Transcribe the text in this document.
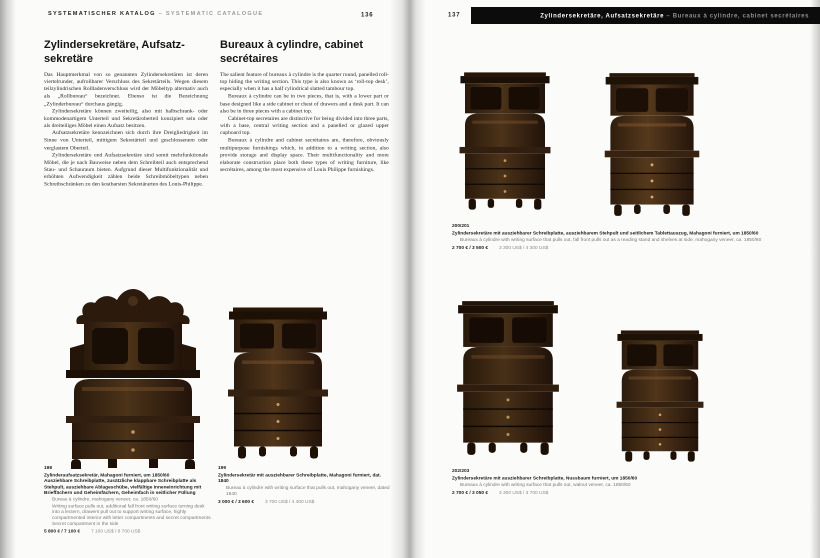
SYSTEMATISCHER KATALOG – SYSTEMATIC CATALOGUE	136
Zylindersekretäre, Aufsatz-sekretäre

Das Hauptmerkmal von so genannten Zylindersekretären ist deren viertelrunder, aufrollbarer Verschluss des Sekretärteils. Wegen diesem teilzylindrischen Rollladenverschluss wird der Möbeltyp alternativ auch als „Rollbureau“ bezeichnet. Ebenso ist die Bezeichnung „Zylinderbureau“ durchaus gängig.

Zylindersekretäre können zweiteilig, also mit halbschrank- oder kommodenartigem Unterteil und Sekretäroberteil konzipiert sein oder als dreiteiliges Möbel einen Aufsatz besitzen.

Aufsatzsekretäre kennzeichnen sich durch ihre Dreigliedrigkeit im Sinne von Unterteil, mittigem Sekretärteil und geschlossenem oder verglastem Oberteil.

Zylindersekretäre und Aufsatzsekretäre sind somit mehrfunktionale Möbel, die je nach Bauweise neben dem Schreibteil auch entsprechend Stau- und Schauraum bieten. Aufgrund dieser Multifunktionalität und erhöhten Aufwendigkeit zählen beide Schreibmöbeltypen neben Schreibschränken zu den kostbarsten Sekretärarten des Louis-Philippe.

Bureaux à cylindre, cabinet secrétaires

The salient feature of bureaux à cylindre is the quarter round, panelled roll-top hiding the writing section. This type is also known as ‘roll-top desk’, especially when it has a half cylindrical slatted tambour top.

Bureaux à cylindre can be in two pieces, that is, with a lower part or base designed like a side cabinet or chest of drawers and a desk part. It can also be in three pieces with a cabinet top.

Cabinet-top secretaires are distinctive for being divided into three parts, with a base, central writing section and a panelled or glazed upper cupboard top.

Bureaux à cylindre and cabinet secrétaires are, therefore, obviously multipurpose furnishings which, in addition to a writing section, also provide storage and display space. Their multifunctionality and more elaborate construction place both these types of writing furniture, like secrétaires, among the most expensive of Louis Philippe furnishings.

198
Zylinderaufsatzsekretär, Mahagoni furniert, um 1850/60
Ausziehbare Schreibplatte, zusätzliche klappbare Schreibplatte als Stehpult, ausziehbare Ablageschübe, vielfältige Inneneinrichtung mit Brieffächern und Geheimfächern, Geheimfach in seitlicher Füllung
Bureau à cylindre, mahogany veneer, ca. 1850/60
Writing surface pulls out, additional fall front writing surface turning desk into a lectern, drawers pull out to support writing surface, highly compartmented interior with letter compartments and secret compartments. Secret compartment in the side
5 800 € / 7 100 € 7 100 US$ / 8 700 US$
199
Zylindersekretär mit ausziehbarer Schreibplatte, Mahagoni furniert, dat. 1840
Bureau à cylindre with writing surface that pulls out, mahogany veneer, dated 1840
3 000 € / 3 600 € 3 700 US$ / 4 400 US$
137	Zylindersekretäre, Aufsatzsekretäre – Bureaux à cylindre, cabinet secrétaires
200/201
Zylindersekretäre mit ausziehbarer Schreibplatte, ausziehbarem Stehpult und seitlichem Tablettauszug, Mahagoni furniert, um 1850/60
Bureaux à cylindre with writing surface that pulls out, fall front pulls out as a reading stand and shelves at side, mahogany veneer, ca. 1850/60
2 700 € / 3 500 € 3 300 US$ / 4 300 US$
202/203
Zylindersekretäre mit ausziehbarer Schreibplatte, Nussbaum furniert, um 1850/60
Bureaux à cylindre with writing surface that pulls out, walnut veneer, ca. 1850/60
2 700 € / 3 050 € 3 300 US$ / 3 700 US$
